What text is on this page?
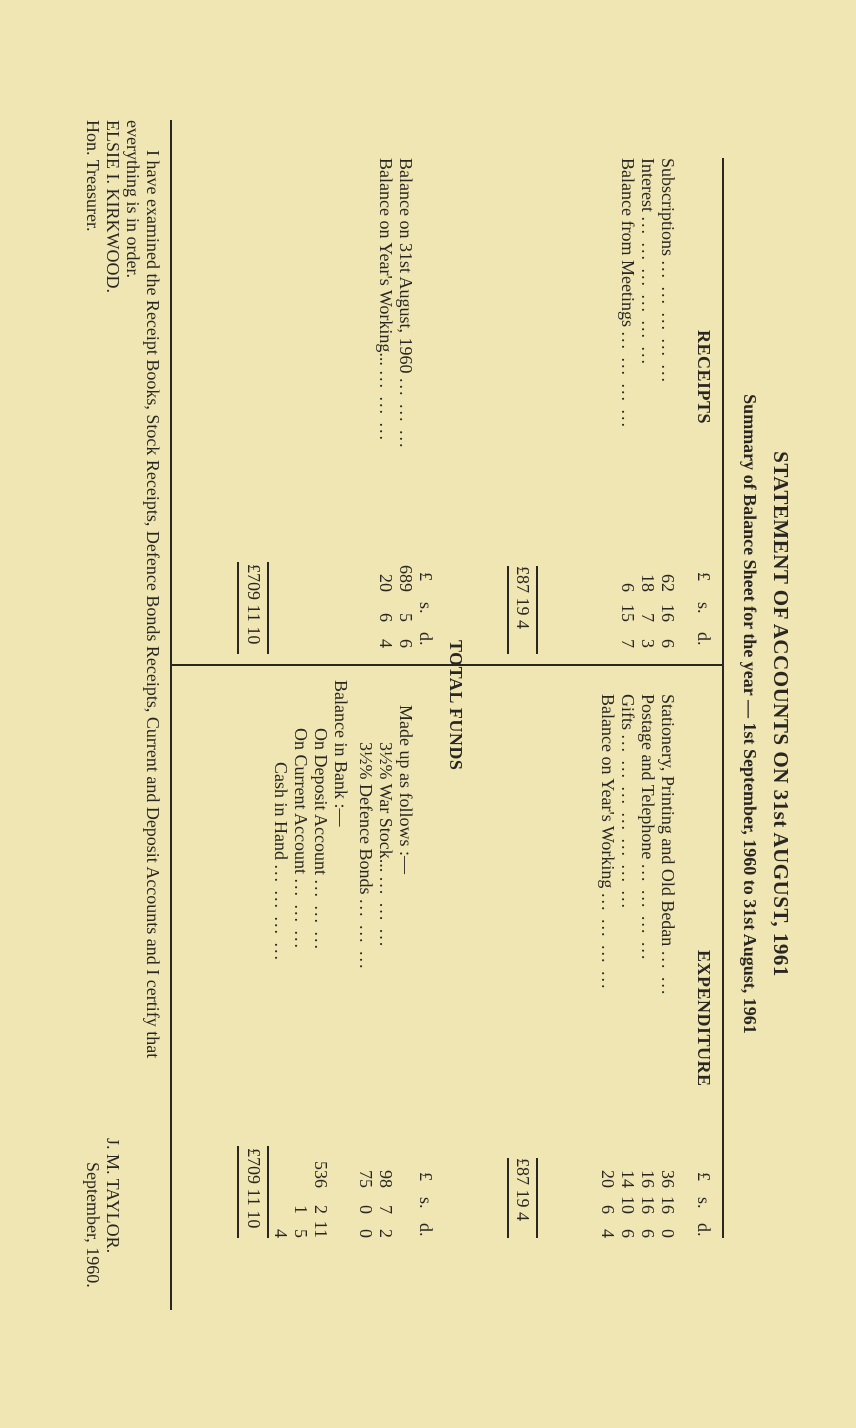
STATEMENT OF ACCOUNTS ON 31st AUGUST, 1961
Summary of Balance Sheet for the year — 1st September, 1960 to 31st August, 1961
RECEIPTS
£
s.
d.
Subscriptions ... ... ... ... ...
62
16
6
Interest ... ... ... ... ... ...
18
7
3
Balance from Meetings ... ... ... ...
6
15
7
£87 19 4
EXPENDITURE
£
s.
d.
Stationery, Printing and Old Bedan ... ...
36
16
0
Postage and Telephone ... ... ... ...
16
16
6
Gifts ... ... ... ... ... ... ...
14
10
6
Balance on Year's Working ... ... ... ...
20
6
4
£87 19 4
TOTAL FUNDS
£
s.
d.
£
s.
d.
Balance on 31st August, 1960 ... ... ...
689
5
6
Balance on Year's Working... ... ... ...
20
6
4
Made up as follows :—
3½% War Stock... ... ... ...
98
7
2
3½% Defence Bonds ... ... ...
75
0
0
Balance in Bank :—
On Deposit Account ... ... ...
536
2
11
On Current Account ... ... ...
1
5
Cash in Hand ... ... ... ...
4
£709 11 10
£709 11 10
I have examined the Receipt Books, Stock Receipts, Defence Bonds Receipts, Current and Deposit Accounts and I certify that
everything is in order.
ELSIE I. KIRKWOOD.
Hon. Treasurer.
J. M. TAYLOR.
September, 1960.
